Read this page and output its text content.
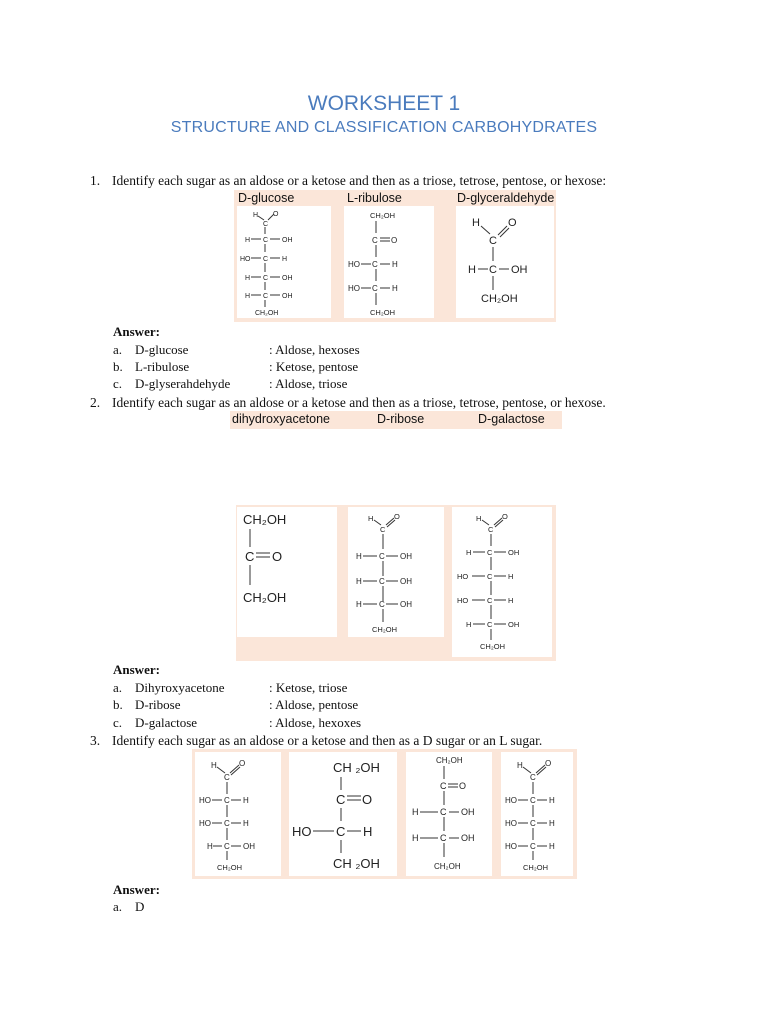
WORKSHEET 1
STRUCTURE AND CLASSIFICATION CARBOHYDRATES
1. Identify each sugar as an aldose or a ketose and then as a triose, tetrose, pentose, or hexose:
D-glucose	L-ribulose	D-glyceraldehyde
H
C
O
H C OH
HO C H
H C OH
H C OH
CH₂OH
CH₂OH
C O
HO C H
HO C H
CH₂OH
H
C
O
H C OH
CH₂OH
Answer:
a. D-glucose	: Aldose, hexoses
b. L-ribulose	: Ketose, pentose
c. D-glyserahdehyde	: Aldose, triose
2. Identify each sugar as an aldose or a ketose and then as a triose, tetrose, pentose, or hexose.
dihydroxyacetone	D-ribose	D-galactose
CH₂OH
C O
CH₂OH
H
C
O
H C OH
H C OH
H C OH
CH₂OH
H
C
O
H C OH
HO	C H
HO	C H
H C OH
CH₂OH
Answer:
a. Dihyroxyacetone	: Ketose, triose
b. D-ribose	: Aldose, pentose
c. D-galactose	: Aldose, hexoxes
3. Identify each sugar as an aldose or a ketose and then as a D sugar or an L sugar.
H
C
O
HO C H
HO C H
H C OH
CH₂OH
CH ₂OH
C O
HO C H
CH ₂OH
CH₂OH
C O
H C OH
H C OH
CH₂OH
H
C
O
HO C H
HO C H
HO C H
CH₂OH
Answer:
a. D
